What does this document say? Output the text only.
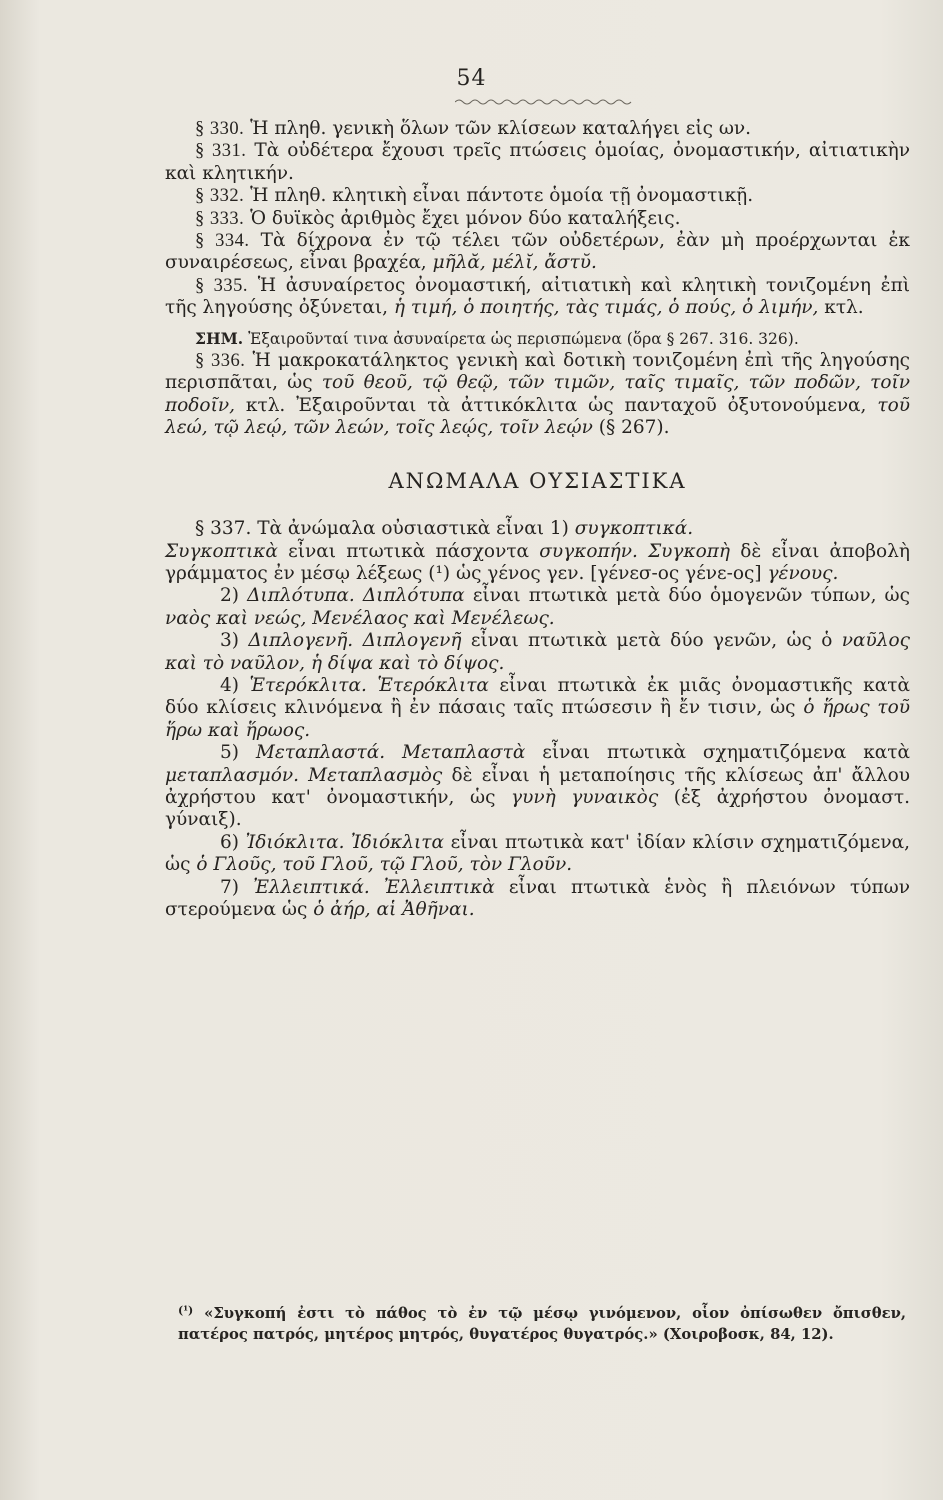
54

§ 330. Ἡ πληθ. γενικὴ ὅλων τῶν κλίσεων καταλήγει εἰς ων.

§ 331. Τὰ οὐδέτερα ἔχουσι τρεῖς πτώσεις ὁμοίας, ὀνομαστικήν, αἰτιατικὴν καὶ κλητικήν.

§ 332. Ἡ πληθ. κλητικὴ εἶναι πάντοτε ὁμοία τῇ ὀνομαστικῇ.

§ 333. Ὁ δυϊκὸς ἀριθμὸς ἔχει μόνον δύο καταλήξεις.

§ 334. Τὰ δίχρονα ἐν τῷ τέλει τῶν οὐδετέρων, ἐὰν μὴ προέρχωνται ἐκ συναιρέσεως, εἶναι βραχέα, μῆλᾰ, μέλῐ, ἄστῠ.

§ 335. Ἡ ἀσυναίρετος ὀνομαστική, αἰτιατικὴ καὶ κλητικὴ τονιζομένη ἐπὶ τῆς ληγούσης ὀξύνεται, ἡ τιμή, ὁ ποιητής, τὰς τιμάς, ὁ πούς, ὁ λιμήν, κτλ.

ΣΗΜ. Ἐξαιροῦνταί τινα ἀσυναίρετα ὡς περισπώμενα (ὅρα § 267. 316. 326).

§ 336. Ἡ μακροκατάληκτος γενικὴ καὶ δοτικὴ τονιζομένη ἐπὶ τῆς ληγούσης περισπᾶται, ὡς τοῦ θεοῦ, τῷ θεῷ, τῶν τιμῶν, ταῖς τιμαῖς, τῶν ποδῶν, τοῖν ποδοῖν, κτλ. Ἐξαιροῦνται τὰ ἀττικόκλιτα ὡς πανταχοῦ ὀξυτονούμενα, τοῦ λεώ, τῷ λεῴ, τῶν λεών, τοῖς λεῴς, τοῖν λεῴν (§ 267).

ΑΝΩΜΑΛΑ ΟΥΣΙΑΣΤΙΚΑ

§ 337. Τὰ ἀνώμαλα οὐσιαστικὰ εἶναι 1) συγκοπτικά.

Συγκοπτικὰ εἶναι πτωτικὰ πάσχοντα συγκοπήν. Συγκοπὴ δὲ εἶναι ἀποβολὴ γράμματος ἐν μέσῳ λέξεως (¹) ὡς γένος γεν. [γένεσ-ος γένε-ος] γένους.

2) Διπλότυπα. Διπλότυπα εἶναι πτωτικὰ μετὰ δύο ὁμογενῶν τύπων, ὡς ναὸς καὶ νεώς, Μενέλαος καὶ Μενέλεως.

3) Διπλογενῆ. Διπλογενῆ εἶναι πτωτικὰ μετὰ δύο γενῶν, ὡς ὁ ναῦλος καὶ τὸ ναῦλον, ἡ δίψα καὶ τὸ δίψος.

4) Ἑτερόκλιτα. Ἑτερόκλιτα εἶναι πτωτικὰ ἐκ μιᾶς ὀνομαστικῆς κατὰ δύο κλίσεις κλινόμενα ἢ ἐν πάσαις ταῖς πτώσεσιν ἢ ἔν τισιν, ὡς ὁ ἥρως τοῦ ἥρω καὶ ἥρωος.

5) Μεταπλαστά. Μεταπλαστὰ εἶναι πτωτικὰ σχηματιζόμενα κατὰ μεταπλασμόν. Μεταπλασμὸς δὲ εἶναι ἡ μεταποίησις τῆς κλίσεως ἀπ' ἄλλου ἀχρήστου κατ' ὀνομαστικήν, ὡς γυνὴ γυναικὸς (ἐξ ἀχρήστου ὀνομαστ. γύναιξ).

6) Ἰδιόκλιτα. Ἰδιόκλιτα εἶναι πτωτικὰ κατ' ἰδίαν κλίσιν σχηματιζόμενα, ὡς ὁ Γλοῦς, τοῦ Γλοῦ, τῷ Γλοῦ, τὸν Γλοῦν.

7) Ἐλλειπτικά. Ἐλλειπτικὰ εἶναι πτωτικὰ ἑνὸς ἢ πλειόνων τύπων στερούμενα ὡς ὁ ἀήρ, αἱ Ἀθῆναι.

$^{(^1)}$ «Συγκοπή ἐστι τὸ πάθος τὸ ἐν τῷ μέσῳ γινόμενον, οἷον ὀπίσωθεν ὄπισθεν, πατέρος πατρός, μητέρος μητρός, θυγατέρος θυγατρός.» (Χοιροβοσκ, 84, 12).
